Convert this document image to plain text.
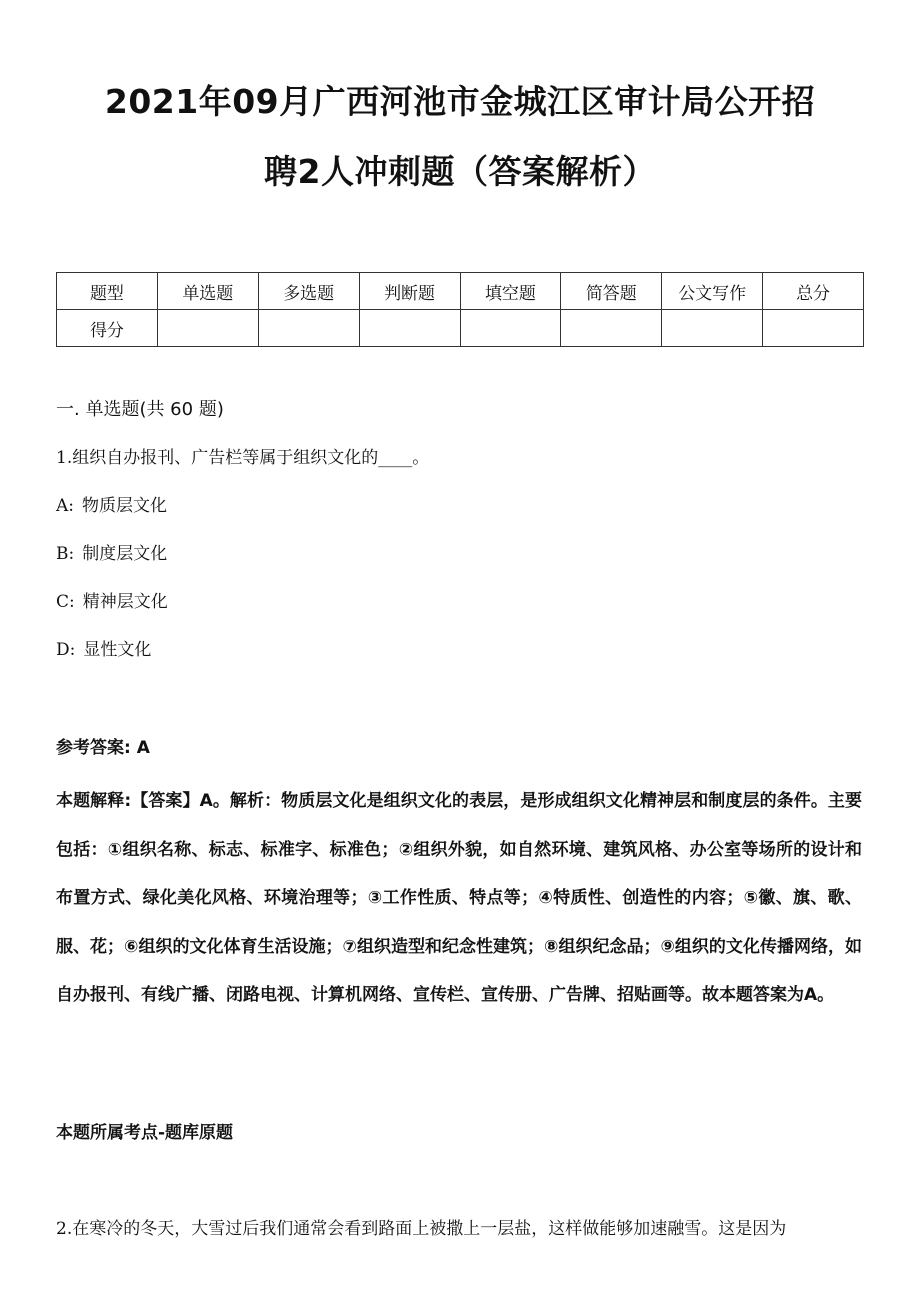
2021年09月广西河池市金城江区审计局公开招
聘2人冲刺题（答案解析）
题型	单选题	多选题	判断题	填空题	简答题	公文写作	总分
得分							
一. 单选题(共 60 题)
1.组织自办报刊、广告栏等属于组织文化的____。
A: 物质层文化
B: 制度层文化
C: 精神层文化
D: 显性文化
参考答案: A
本题解释:【答案】A。解析：物质层文化是组织文化的表层，是形成组织文化精神层和制度层的条件。主要包括：①组织名称、标志、标准字、标准色；②组织外貌，如自然环境、建筑风格、办公室等场所的设计和布置方式、绿化美化风格、环境治理等；③工作性质、特点等；④特质性、创造性的内容；⑤徽、旗、歌、服、花；⑥组织的文化体育生活设施；⑦组织造型和纪念性建筑；⑧组织纪念品；⑨组织的文化传播网络，如自办报刊、有线广播、闭路电视、计算机网络、宣传栏、宣传册、广告牌、招贴画等。故本题答案为A。
本题所属考点-题库原题
2.在寒冷的冬天，大雪过后我们通常会看到路面上被撒上一层盐，这样做能够加速融雪。这是因为
